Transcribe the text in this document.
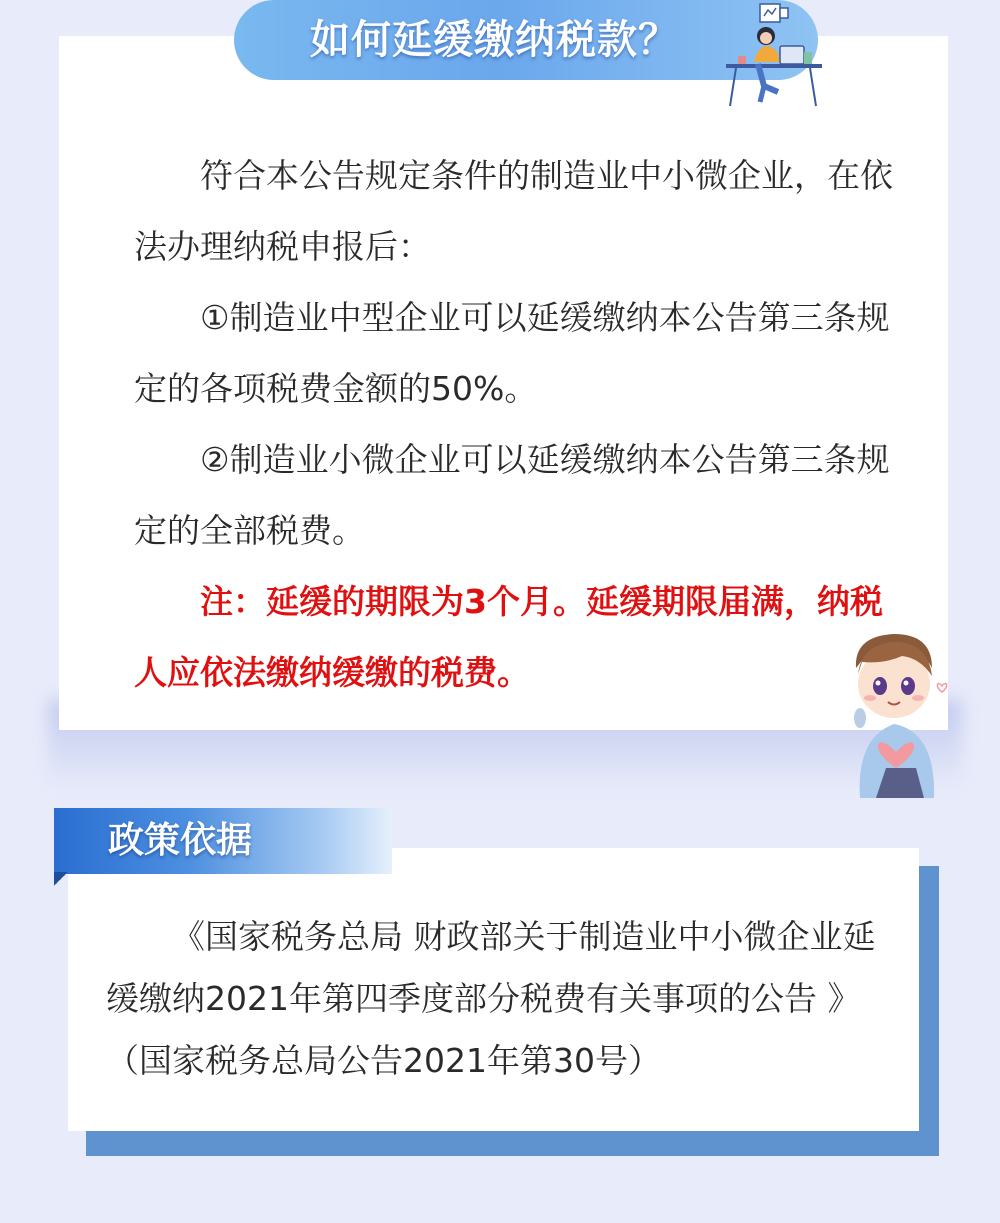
如何延缓缴纳税款？
符合本公告规定条件的制造业中小微企业，在依法办理纳税申报后：
①制造业中型企业可以延缓缴纳本公告第三条规定的各项税费金额的50%。
②制造业小微企业可以延缓缴纳本公告第三条规定的全部税费。
注：延缓的期限为3个月。延缓期限届满，纳税人应依法缴纳缓缴的税费。
政策依据
《国家税务总局 财政部关于制造业中小微企业延缓缴纳2021年第四季度部分税费有关事项的公告 》（国家税务总局公告2021年第30号）
